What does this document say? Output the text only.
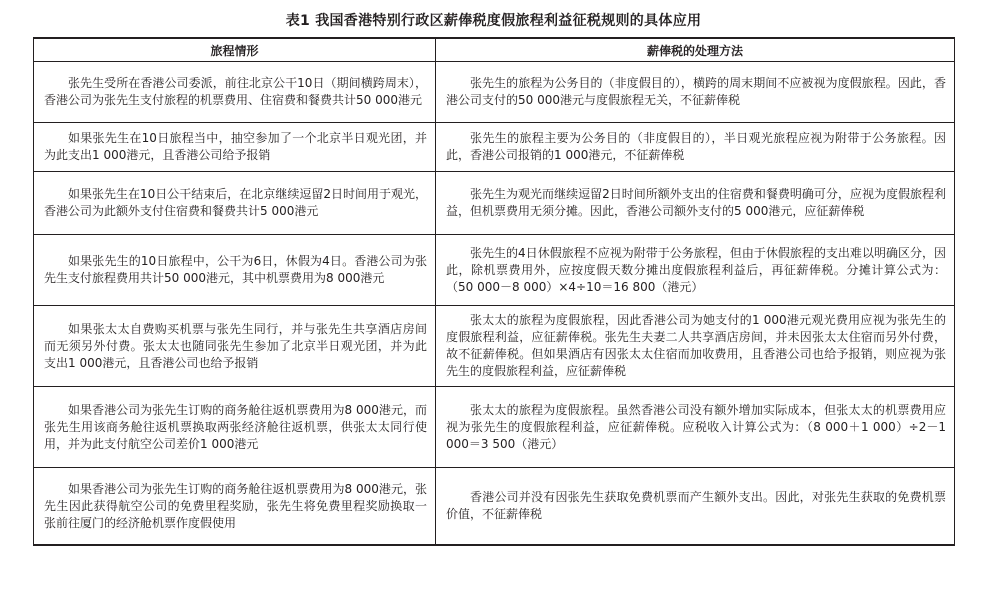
表1 我国香港特别行政区薪俸税度假旅程利益征税规则的具体应用
旅程情形	薪俸税的处理方法

张先生受所在香港公司委派，前往北京公干10日（期间横跨周末），香港公司为张先生支付旅程的机票费用、住宿费和餐费共计50 000港元	张先生的旅程为公务目的（非度假目的），横跨的周末期间不应被视为度假旅程。因此，香港公司支付的50 000港元与度假旅程无关，不征薪俸税

如果张先生在10日旅程当中，抽空参加了一个北京半日观光团，并为此支出1 000港元，且香港公司给予报销	张先生的旅程主要为公务目的（非度假目的），半日观光旅程应视为附带于公务旅程。因此，香港公司报销的1 000港元，不征薪俸税

如果张先生在10日公干结束后，在北京继续逗留2日时间用于观光，香港公司为此额外支付住宿费和餐费共计5 000港元	张先生为观光而继续逗留2日时间所额外支出的住宿费和餐费明确可分，应视为度假旅程利益，但机票费用无须分摊。因此，香港公司额外支付的5 000港元，应征薪俸税

如果张先生的10日旅程中，公干为6日，休假为4日。香港公司为张先生支付旅程费用共计50 000港元，其中机票费用为8 000港元	张先生的4日休假旅程不应视为附带于公务旅程，但由于休假旅程的支出难以明确区分，因此，除机票费用外，应按度假天数分摊出度假旅程利益后，再征薪俸税。分摊计算公式为：（50 000－8 000）×4÷10＝16 800（港元）

如果张太太自费购买机票与张先生同行，并与张先生共享酒店房间而无须另外付费。张太太也随同张先生参加了北京半日观光团，并为此支出1 000港元，且香港公司也给予报销	张太太的旅程为度假旅程，因此香港公司为她支付的1 000港元观光费用应视为张先生的度假旅程利益，应征薪俸税。张先生夫妻二人共享酒店房间，并未因张太太住宿而另外付费，故不征薪俸税。但如果酒店有因张太太住宿而加收费用，且香港公司也给予报销，则应视为张先生的度假旅程利益，应征薪俸税

如果香港公司为张先生订购的商务舱往返机票费用为8 000港元，而张先生用该商务舱往返机票换取两张经济舱往返机票，供张太太同行使用，并为此支付航空公司差价1 000港元	张太太的旅程为度假旅程。虽然香港公司没有额外增加实际成本，但张太太的机票费用应视为张先生的度假旅程利益，应征薪俸税。应税收入计算公式为：（8 000＋1 000）÷2－1 000＝3 500（港元）

如果香港公司为张先生订购的商务舱往返机票费用为8 000港元，张先生因此获得航空公司的免费里程奖励，张先生将免费里程奖励换取一张前往厦门的经济舱机票作度假使用	香港公司并没有因张先生获取免费机票而产生额外支出。因此，对张先生获取的免费机票价值，不征薪俸税
